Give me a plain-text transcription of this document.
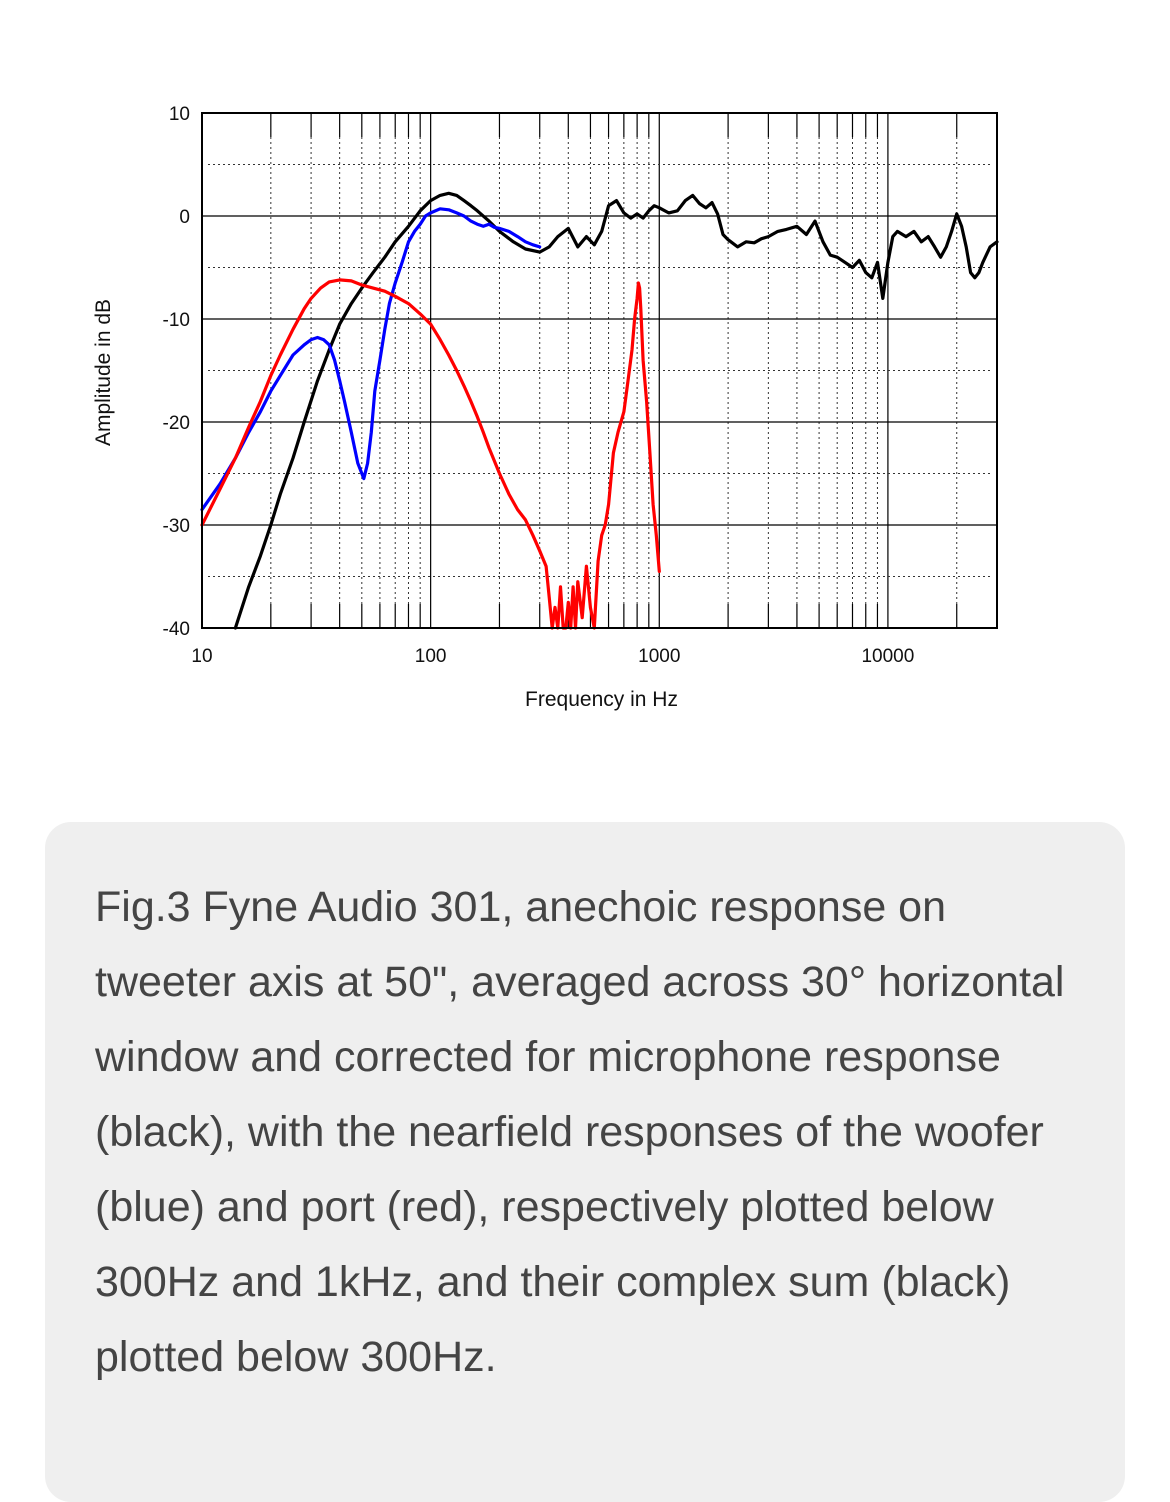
10	100	1000	10000
10
0
-10
-20
-30
-40
Frequency in Hz
Amplitude in dB

Fig.3 Fyne Audio 301, anechoic response on tweeter axis at 50", averaged across 30° horizontal window and corrected for microphone response (black), with the nearfield responses of the woofer (blue) and port (red), respectively plotted below 300Hz and 1kHz, and their complex sum (black) plotted below 300Hz.
